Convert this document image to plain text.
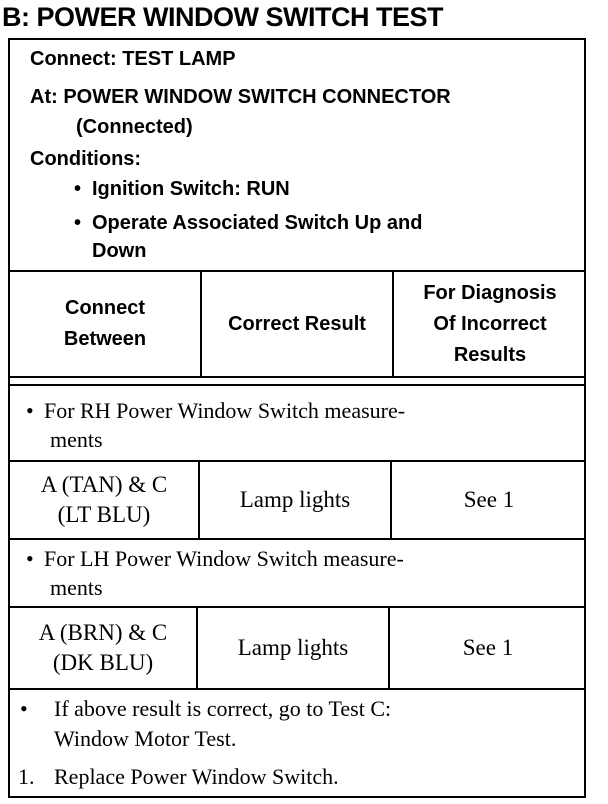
B: POWER WINDOW SWITCH TEST
Connect: TEST LAMP
At: POWER WINDOW SWITCH CONNECTOR
(Connected)
Conditions:
• Ignition Switch: RUN
• Operate Associated Switch Up and
Down
Connect
Between
Correct Result
For Diagnosis
Of Incorrect
Results
• For RH Power Window Switch measure-
ments
A (TAN) & C
(LT BLU)
Lamp lights	See 1
• For LH Power Window Switch measure-
ments
A (BRN) & C
(DK BLU)
Lamp lights	See 1
• If above result is correct, go to Test C:
Window Motor Test.
1. Replace Power Window Switch.
